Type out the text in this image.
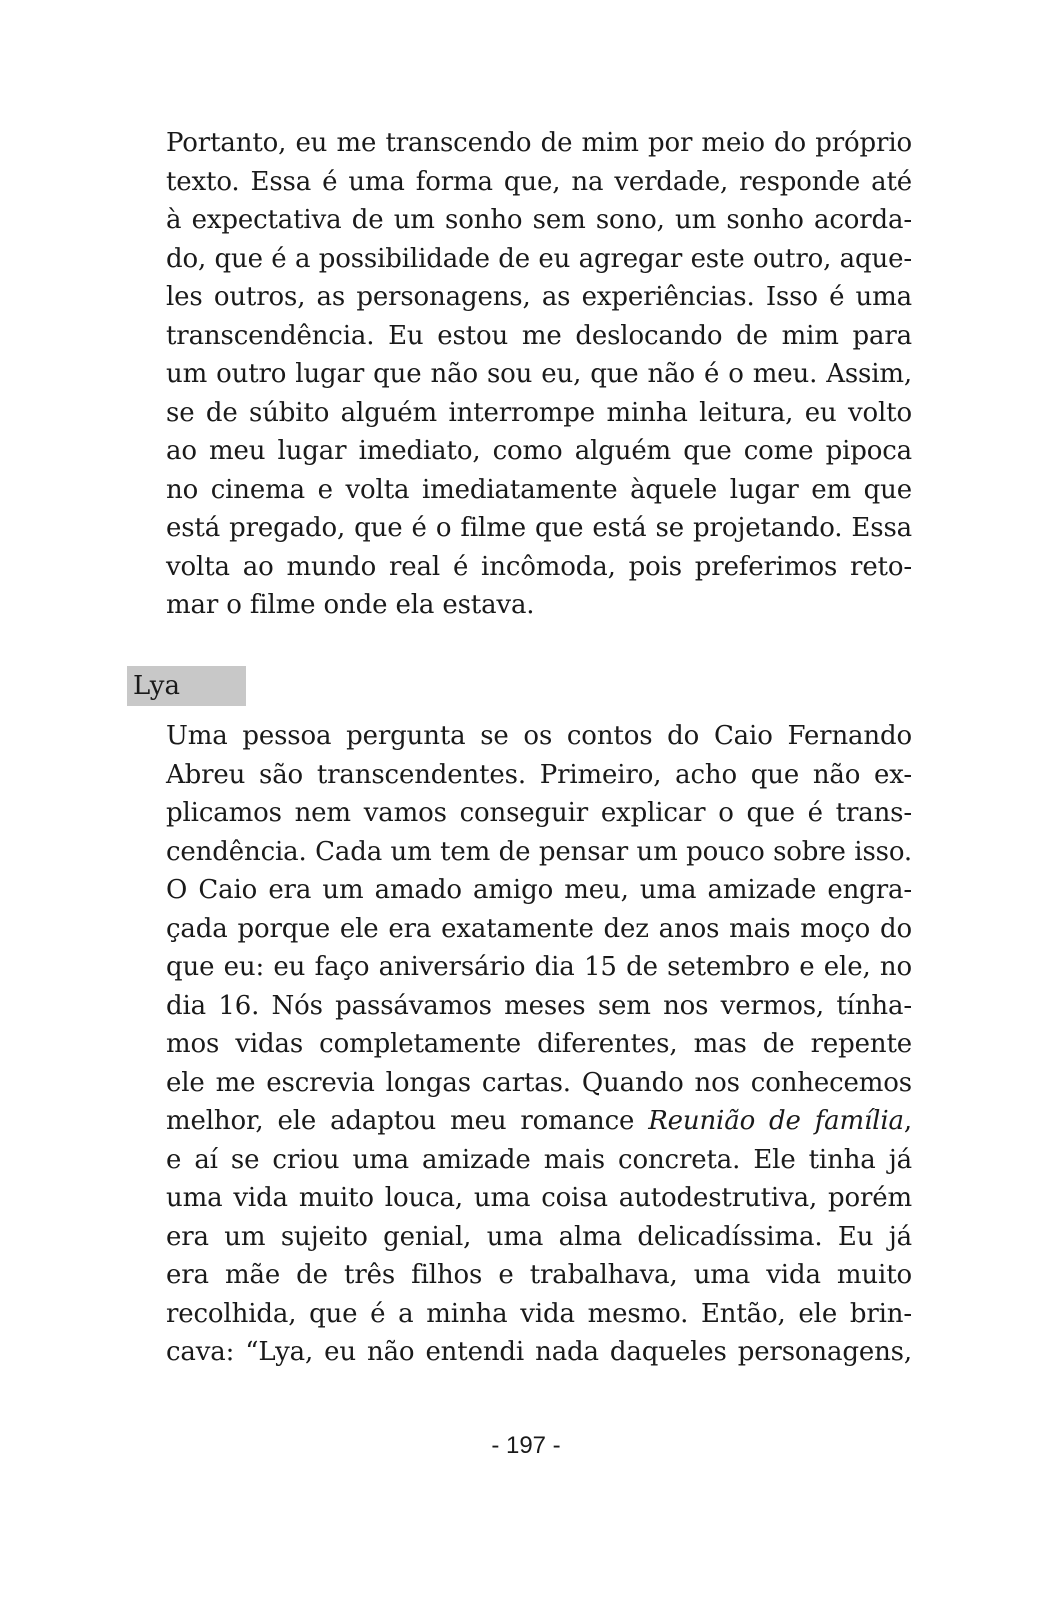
Portanto, eu me transcendo de mim por meio do próprio
texto. Essa é uma forma que, na verdade, responde até
à expectativa de um sonho sem sono, um sonho acorda-
do, que é a possibilidade de eu agregar este outro, aque-
les outros, as personagens, as experiências. Isso é uma
transcendência. Eu estou me deslocando de mim para
um outro lugar que não sou eu, que não é o meu. Assim,
se de súbito alguém interrompe minha leitura, eu volto
ao meu lugar imediato, como alguém que come pipoca
no cinema e volta imediatamente àquele lugar em que
está pregado, que é o filme que está se projetando. Essa
volta ao mundo real é incômoda, pois preferimos reto-
mar o filme onde ela estava.
Lya
Uma pessoa pergunta se os contos do Caio Fernando
Abreu são transcendentes. Primeiro, acho que não ex-
plicamos nem vamos conseguir explicar o que é trans-
cendência. Cada um tem de pensar um pouco sobre isso.
O Caio era um amado amigo meu, uma amizade engra-
çada porque ele era exatamente dez anos mais moço do
que eu: eu faço aniversário dia 15 de setembro e ele, no
dia 16. Nós passávamos meses sem nos vermos, tínha-
mos vidas completamente diferentes, mas de repente
ele me escrevia longas cartas. Quando nos conhecemos
melhor, ele adaptou meu romance Reunião de família,
e aí se criou uma amizade mais concreta. Ele tinha já
uma vida muito louca, uma coisa autodestrutiva, porém
era um sujeito genial, uma alma delicadíssima. Eu já
era mãe de três filhos e trabalhava, uma vida muito
recolhida, que é a minha vida mesmo. Então, ele brin-
cava: “Lya, eu não entendi nada daqueles personagens,
- 197 -
